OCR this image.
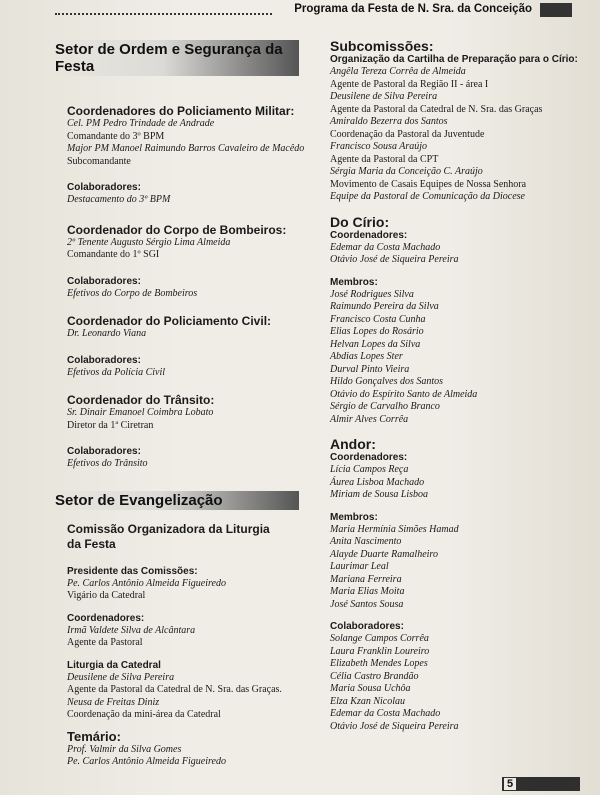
Programa da Festa de N. Sra. da Conceição
Setor de Ordem e Segurança da Festa
Coordenadores do Policiamento Militar:
Cel. PM Pedro Trindade de Andrade
Comandante do 3º BPM
Major PM Manoel Raimundo Barros Cavaleiro de Macêdo
Subcomandante
Colaboradores:
Destacamento do 3º BPM
Coordenador do Corpo de Bombeiros:
2º Tenente Augusto Sérgio Lima Almeida
Comandante do 1º SGI
Colaboradores:
Efetivos do Corpo de Bombeiros
Coordenador do Policiamento Civil:
Dr. Leonardo Viana
Colaboradores:
Efetivos da Polícia Civil
Coordenador do Trânsito:
Sr. Dinair Emanoel Coimbra Lobato
Diretor da 1ª Ciretran
Colaboradores:
Efetivos do Trânsito
Setor de Evangelização
Comissão Organizadora da Liturgia da Festa
Presidente das Comissões:
Pe. Carlos Antônio Almeida Figueiredo
Vigário da Catedral
Coordenadores:
Irmã Valdete Silva de Alcântara
Agente da Pastoral
Liturgia da Catedral
Deusilene de Silva Pereira
Agente da Pastoral da Catedral de N. Sra. das Graças.
Neusa de Freitas Diniz
Coordenação da mini-área da Catedral
Temário:
Prof. Valmir da Silva Gomes
Pe. Carlos Antônio Almeida Figueiredo
Subcomissões:
Organização da Cartilha de Preparação para o Círio:
Angêla Tereza Corrêa de Almeida
Agente de Pastoral da Região II - área I
Deusilene de Silva Pereira
Agente da Pastoral da Catedral de N. Sra. das Graças
Amiraldo Bezerra dos Santos
Coordenação da Pastoral da Juventude
Francisco Sousa Araújo
Agente da Pastoral da CPT
Sérgia Maria da Conceição C. Araújo
Movimento de Casais Equipes de Nossa Senhora
Equipe da Pastoral de Comunicação da Diocese
Do Círio:
Coordenadores:
Edemar da Costa Machado
Otávio José de Siqueira Pereira
Membros:
José Rodrigues Silva
Raimundo Pereira da Silva
Francisco Costa Cunha
Elias Lopes do Rosário
Helvan Lopes da Silva
Abdias Lopes Ster
Durval Pinto Vieira
Hildo Gonçalves dos Santos
Otávio do Espírito Santo de Almeida
Sérgio de Carvalho Branco
Almir Alves Corrêa
Andor:
Coordenadores:
Lícia Campos Reça
Áurea Lisboa Machado
Miriam de Sousa Lisboa
Membros:
Maria Hermínia Simões Hamad
Anita Nascimento
Alayde Duarte Ramalheiro
Laurimar Leal
Mariana Ferreira
Maria Elias Moita
José Santos Sousa
Colaboradores:
Solange Campos Corrêa
Laura Franklin Loureiro
Elizabeth Mendes Lopes
Célia Castro Brandão
Maria Sousa Uchôa
Elza Kzan Nicolau
Edemar da Costa Machado
Otávio José de Siqueira Pereira
5
